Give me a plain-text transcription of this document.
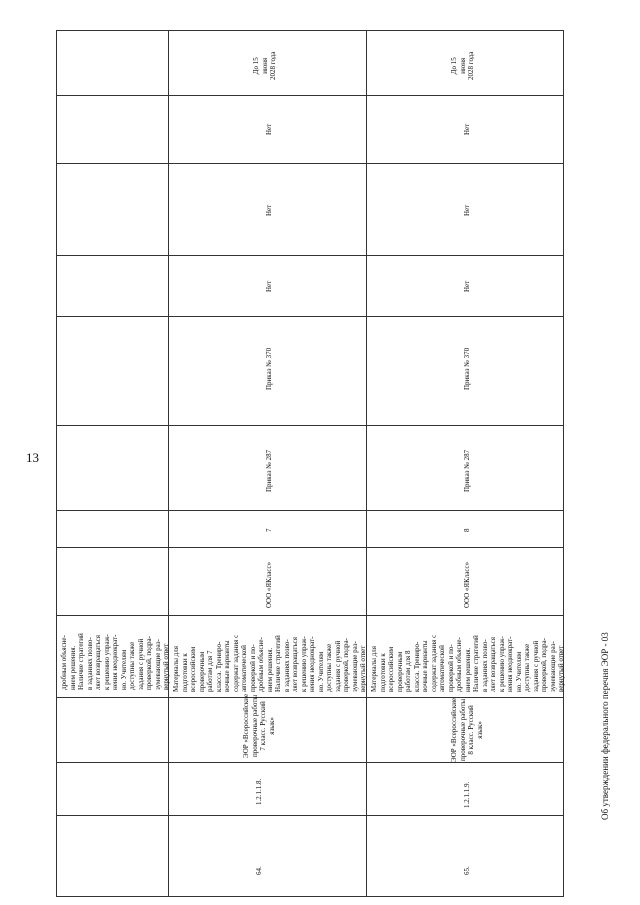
13
Об утверждении федерального перечня ЭОР - 03
дробным объясне-
нием решения.
Наличие стратегий
в заданиях позво-
ляет возвращаться
к решению упраж-
нения неоднократ-
но. Учителям
доступны также
задания с ручной
проверкой, подра-
зумевающие раз-
вернутый ответ
64.
1.2.1.1.8.
ЭОР «Всероссийские
проверочные работы
7 класс. Русский
язык»
Материалы для
подготовки к
всероссийским
проверочным
работам для 7
класса. Трениро-
вочные варианты
содержат задания с
автоматической
проверкой и по-
дробным объясне-
нием решения.
Наличие стратегий
в заданиях позво-
ляет возвращаться
к решению упраж-
нения неоднократ-
но. Учителям
доступны также
задания с ручной
проверкой, подра-
зумевающие раз-
вернутый ответ
ООО «ЯКласс»
7
Приказ № 287
Приказ № 370
Нет
Нет
Нет
До 15
июня
2028 года
65.
1.2.1.1.9.
ЭОР «Всероссийские
проверочные работы
8 класс. Русский
язык»
Материалы для
подготовки к
всероссийским
проверочным
работам для 8
класса. Трениро-
вочные варианты
содержат задания с
автоматической
проверкой и по-
дробным объясне-
нием решения.
Наличие стратегий
в заданиях позво-
ляет возвращаться
к решению упраж-
нения неоднократ-
но. Учителям
доступны также
задания с ручной
проверкой, подра-
зумевающие раз-
вернутый ответ
ООО «ЯКласс»
8
Приказ № 287
Приказ № 370
Нет
Нет
Нет
До 15
июня
2028 года
